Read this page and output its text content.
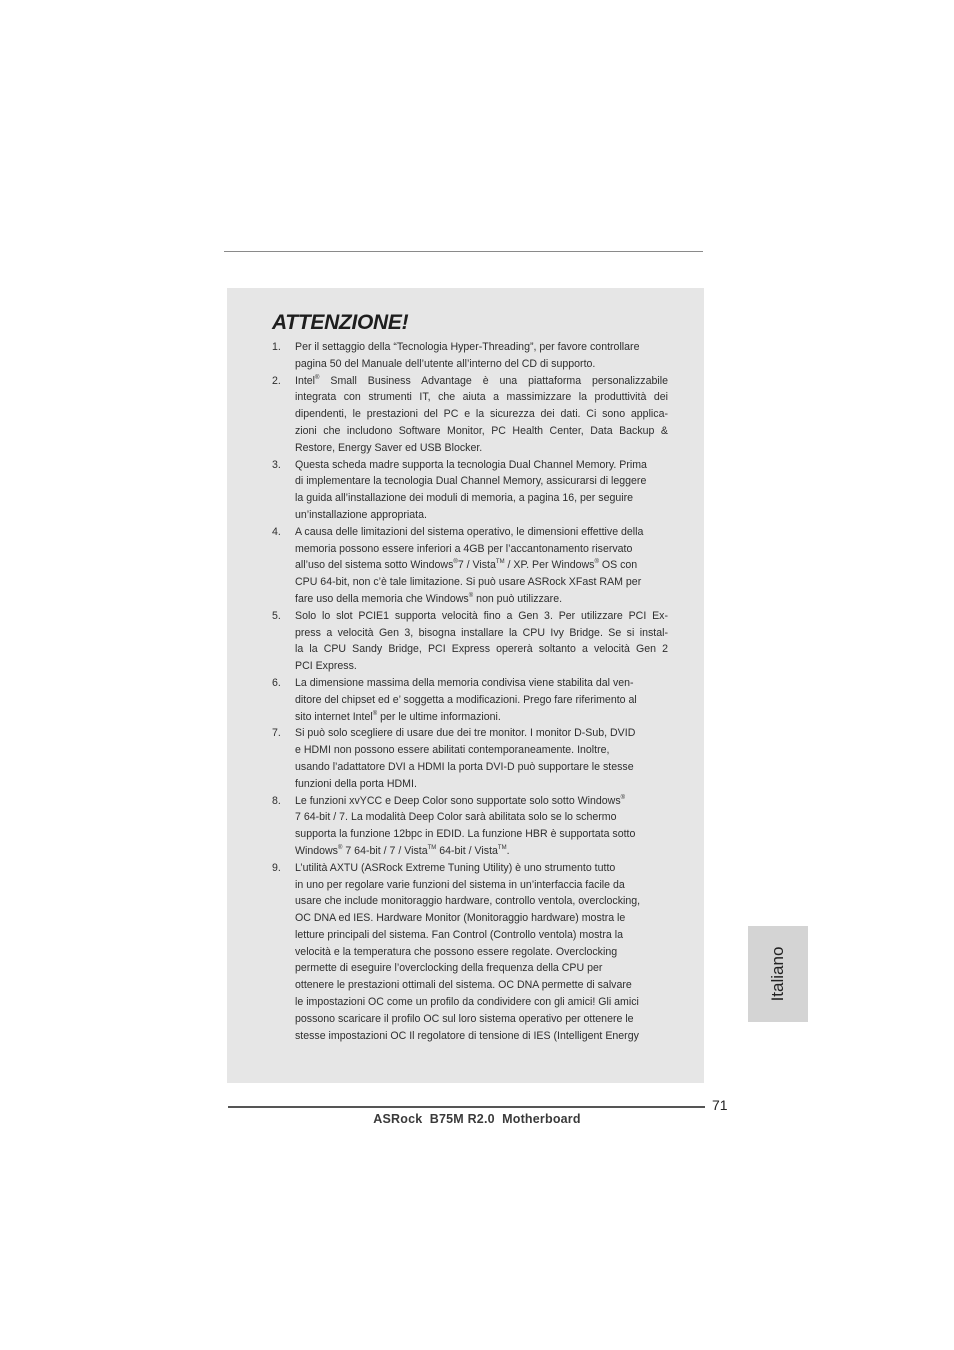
ATTENZIONE!
1. Per il settaggio della “Tecnologia Hyper-Threading”, per favore controllare
pagina 50 del Manuale dell’utente all’interno del CD di supporto.
2. Intel® Small Business Advantage è una piattaforma personalizzabile
integrata con strumenti IT, che aiuta a massimizzare la produttività dei
dipendenti, le prestazioni del PC e la sicurezza dei dati. Ci sono applica-
zioni che includono Software Monitor, PC Health Center, Data Backup &
Restore, Energy Saver ed USB Blocker.
3. Questa scheda madre supporta la tecnologia Dual Channel Memory. Prima
di implementare la tecnologia Dual Channel Memory, assicurarsi di leggere
la guida all’installazione dei moduli di memoria, a pagina 16, per seguire
un’installazione appropriata.
4. A causa delle limitazioni del sistema operativo, le dimensioni effettive della
memoria possono essere inferiori a 4GB per l’accantonamento riservato
all’uso del sistema sotto Windows®7 / Vista™ / XP. Per Windows® OS con
CPU 64-bit, non c’è tale limitazione. Si può usare ASRock XFast RAM per
fare uso della memoria che Windows® non può utilizzare.
5. Solo lo slot PCIE1 supporta velocità fino a Gen 3. Per utilizzare PCI Ex-
press a velocità Gen 3, bisogna installare la CPU Ivy Bridge. Se si instal-
la la CPU Sandy Bridge, PCI Express opererà soltanto a velocità Gen 2
PCI Express.
6. La dimensione massima della memoria condivisa viene stabilita dal ven-
ditore del chipset ed e’ soggetta a modificazioni. Prego fare riferimento al
sito internet Intel® per le ultime informazioni.
7. Si può solo scegliere di usare due dei tre monitor. I monitor D-Sub, DVID
e HDMI non possono essere abilitati contemporaneamente. Inoltre,
usando l’adattatore DVI a HDMI la porta DVI-D può supportare le stesse
funzioni della porta HDMI.
8. Le funzioni xvYCC e Deep Color sono supportate solo sotto Windows®
7 64-bit / 7. La modalità Deep Color sarà abilitata solo se lo schermo
supporta la funzione 12bpc in EDID. La funzione HBR è supportata sotto
Windows® 7 64-bit / 7 / Vista™ 64-bit / Vista™.
9. L’utilità AXTU (ASRock Extreme Tuning Utility) è uno strumento tutto
in uno per regolare varie funzioni del sistema in un’interfaccia facile da
usare che include monitoraggio hardware, controllo ventola, overclocking,
OC DNA ed IES. Hardware Monitor (Monitoraggio hardware) mostra le
letture principali del sistema. Fan Control (Controllo ventola) mostra la
velocità e la temperatura che possono essere regolate. Overclocking
permette di eseguire l’overclocking della frequenza della CPU per
ottenere le prestazioni ottimali del sistema. OC DNA permette di salvare
le impostazioni OC come un profilo da condividere con gli amici! Gli amici
possono scaricare il profilo OC sul loro sistema operativo per ottenere le
stesse impostazioni OC Il regolatore di tensione di IES (Intelligent Energy
Italiano
71
ASRock  B75M R2.0  Motherboard
